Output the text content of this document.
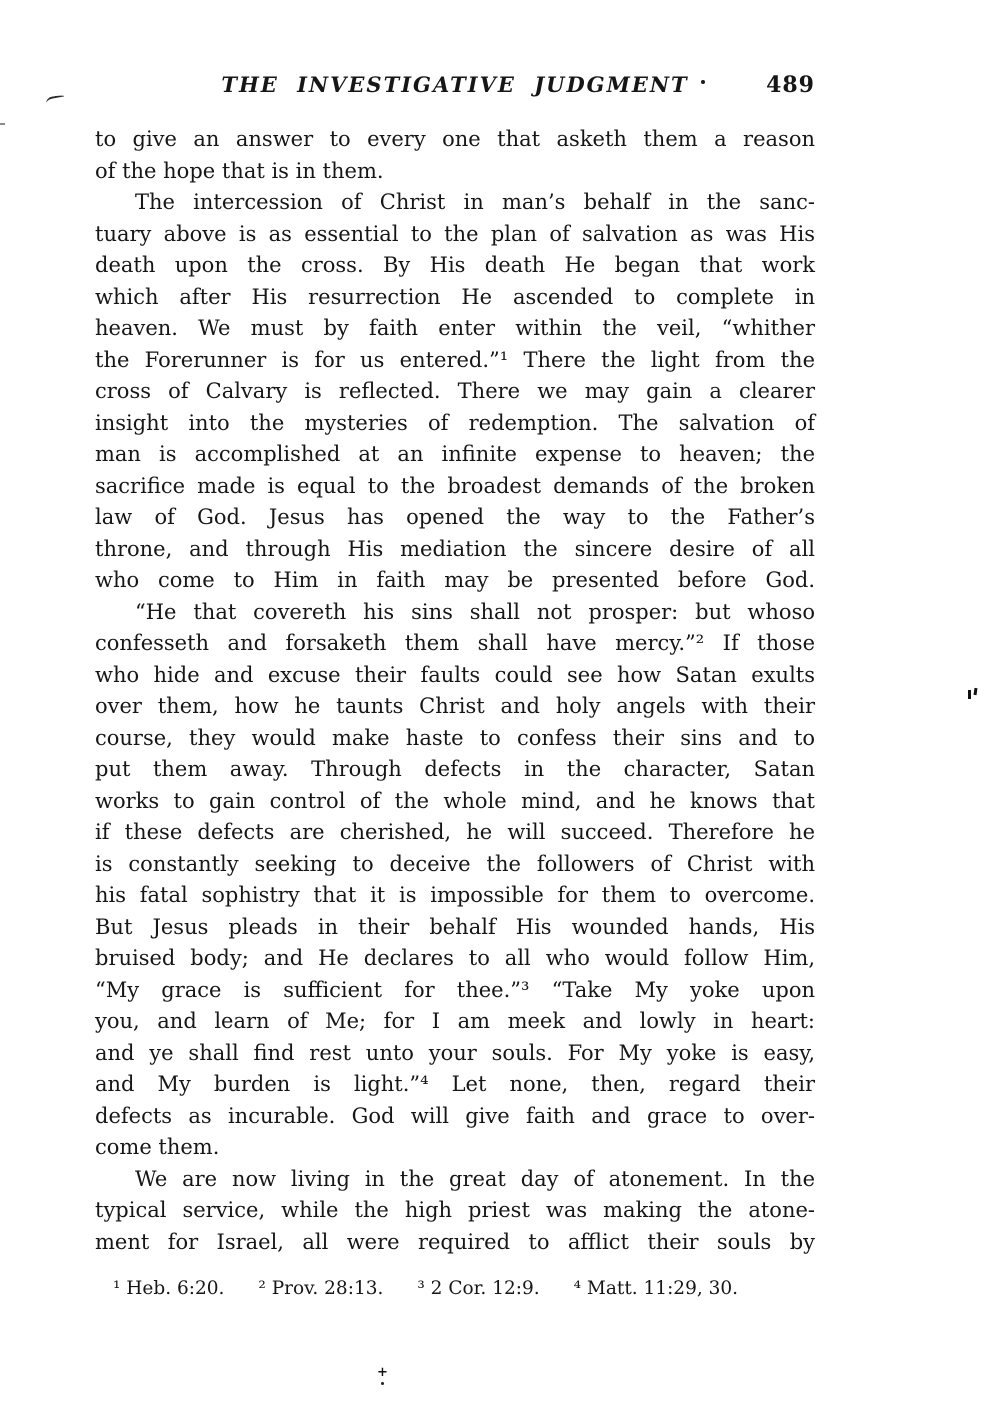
THE INVESTIGATIVE JUDGMENT	489
to give an answer to every one that asketh them a reason
of the hope that is in them.
The intercession of Christ in man’s behalf in the sanc-
tuary above is as essential to the plan of salvation as was His
death upon the cross. By His death He began that work
which after His resurrection He ascended to complete in
heaven. We must by faith enter within the veil, “whither
the Forerunner is for us entered.”¹ There the light from the
cross of Calvary is reflected. There we may gain a clearer
insight into the mysteries of redemption. The salvation of
man is accomplished at an infinite expense to heaven; the
sacrifice made is equal to the broadest demands of the broken
law of God. Jesus has opened the way to the Father’s
throne, and through His mediation the sincere desire of all
who come to Him in faith may be presented before God.
“He that covereth his sins shall not prosper: but whoso
confesseth and forsaketh them shall have mercy.”² If those
who hide and excuse their faults could see how Satan exults
over them, how he taunts Christ and holy angels with their
course, they would make haste to confess their sins and to
put them away. Through defects in the character, Satan
works to gain control of the whole mind, and he knows that
if these defects are cherished, he will succeed. Therefore he
is constantly seeking to deceive the followers of Christ with
his fatal sophistry that it is impossible for them to overcome.
But Jesus pleads in their behalf His wounded hands, His
bruised body; and He declares to all who would follow Him,
“My grace is sufficient for thee.”³ “Take My yoke upon
you, and learn of Me; for I am meek and lowly in heart:
and ye shall find rest unto your souls. For My yoke is easy,
and My burden is light.”⁴ Let none, then, regard their
defects as incurable. God will give faith and grace to over-
come them.
We are now living in the great day of atonement. In the
typical service, while the high priest was making the atone-
ment for Israel, all were required to afflict their souls by
¹ Heb. 6:20. ² Prov. 28:13. ³ 2 Cor. 12:9. ⁴ Matt. 11:29, 30.
+
